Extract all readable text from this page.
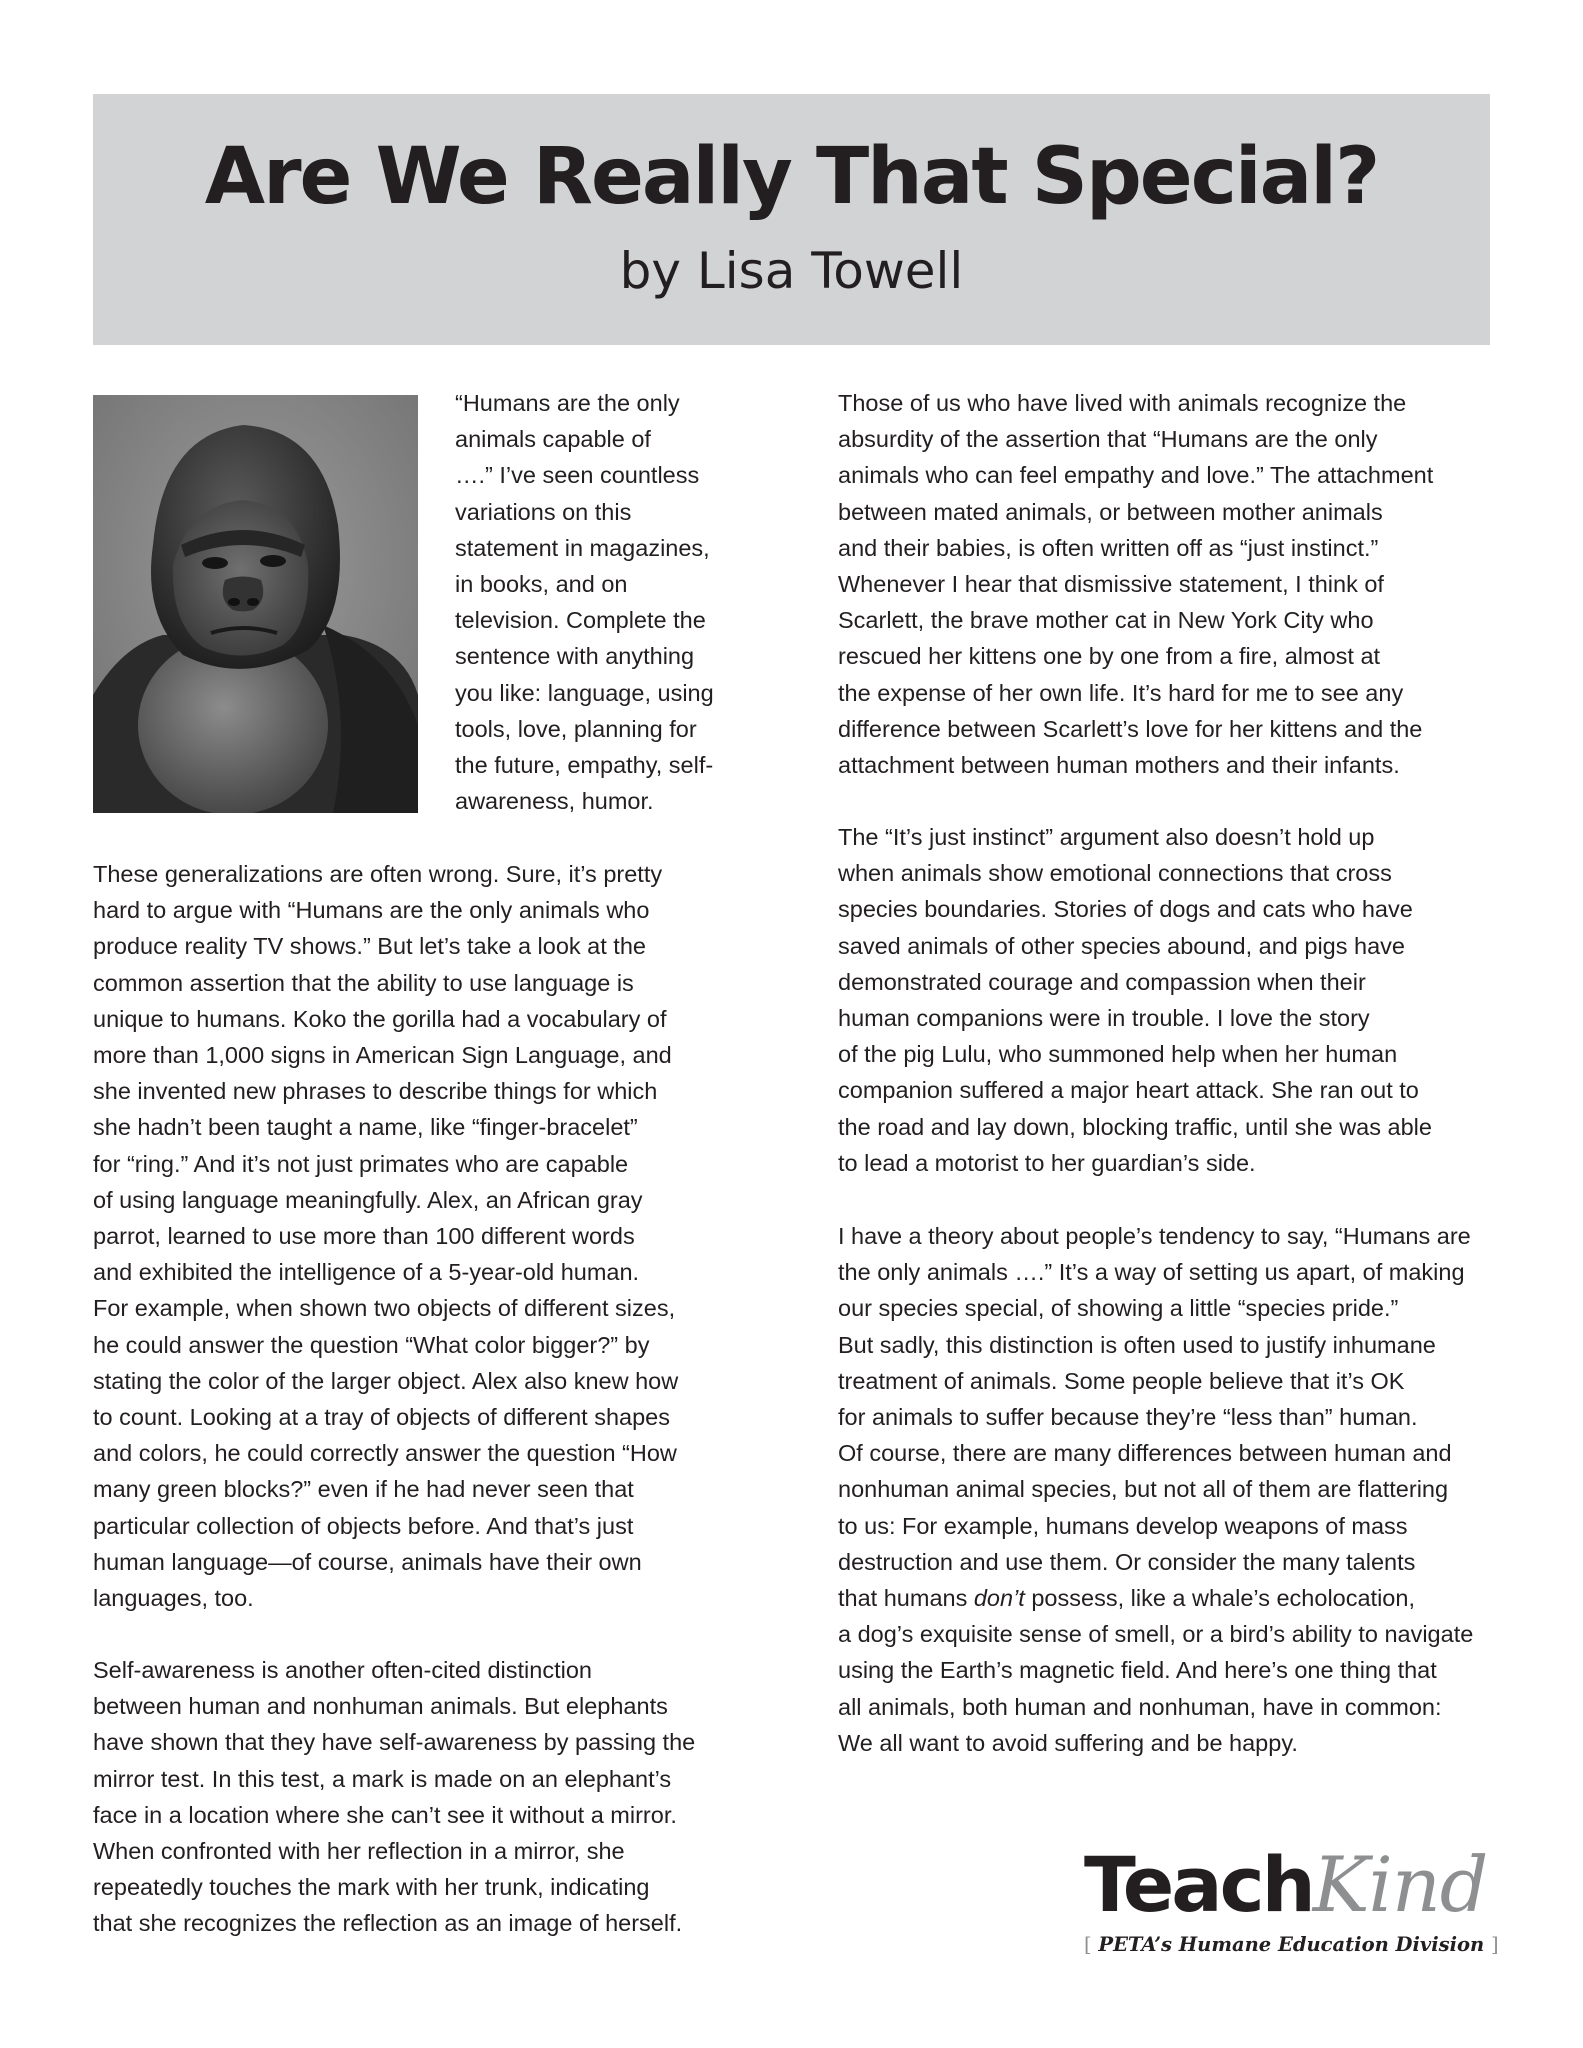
Are We Really That Special?
by Lisa Towell
“Humans are the only
animals capable of
….” I’ve seen countless
variations on this
statement in magazines,
in books, and on
television. Complete the
sentence with anything
you like: language, using
tools, love, planning for
the future, empathy, self-
awareness, humor.
These generalizations are often wrong. Sure, it’s pretty
hard to argue with “Humans are the only animals who
produce reality TV shows.” But let’s take a look at the
common assertion that the ability to use language is
unique to humans. Koko the gorilla had a vocabulary of
more than 1,000 signs in American Sign Language, and
she invented new phrases to describe things for which
she hadn’t been taught a name, like “finger-bracelet”
for “ring.” And it’s not just primates who are capable
of using language meaningfully. Alex, an African gray
parrot, learned to use more than 100 different words
and exhibited the intelligence of a 5-year-old human.
For example, when shown two objects of different sizes,
he could answer the question “What color bigger?” by
stating the color of the larger object. Alex also knew how
to count. Looking at a tray of objects of different shapes
and colors, he could correctly answer the question “How
many green blocks?” even if he had never seen that
particular collection of objects before. And that’s just
human language—of course, animals have their own
languages, too.
Self-awareness is another often-cited distinction
between human and nonhuman animals. But elephants
have shown that they have self-awareness by passing the
mirror test. In this test, a mark is made on an elephant’s
face in a location where she can’t see it without a mirror.
When confronted with her reflection in a mirror, she
repeatedly touches the mark with her trunk, indicating
that she recognizes the reflection as an image of herself.
Those of us who have lived with animals recognize the
absurdity of the assertion that “Humans are the only
animals who can feel empathy and love.” The attachment
between mated animals, or between mother animals
and their babies, is often written off as “just instinct.”
Whenever I hear that dismissive statement, I think of
Scarlett, the brave mother cat in New York City who
rescued her kittens one by one from a fire, almost at
the expense of her own life. It’s hard for me to see any
difference between Scarlett’s love for her kittens and the
attachment between human mothers and their infants.
The “It’s just instinct” argument also doesn’t hold up
when animals show emotional connections that cross
species boundaries. Stories of dogs and cats who have
saved animals of other species abound, and pigs have
demonstrated courage and compassion when their
human companions were in trouble. I love the story
of the pig Lulu, who summoned help when her human
companion suffered a major heart attack. She ran out to
the road and lay down, blocking traffic, until she was able
to lead a motorist to her guardian’s side.
I have a theory about people’s tendency to say, “Humans are
the only animals ….” It’s a way of setting us apart, of making
our species special, of showing a little “species pride.”
But sadly, this distinction is often used to justify inhumane
treatment of animals. Some people believe that it’s OK
for animals to suffer because they’re “less than” human.
Of course, there are many differences between human and
nonhuman animal species, but not all of them are flattering
to us: For example, humans develop weapons of mass
destruction and use them. Or consider the many talents
that humans don’t possess, like a whale’s echolocation,
a dog’s exquisite sense of smell, or a bird’s ability to navigate
using the Earth’s magnetic field. And here’s one thing that
all animals, both human and nonhuman, have in common:
We all want to avoid suffering and be happy.
TeachKind
[ PETA’s Humane Education Division ]
